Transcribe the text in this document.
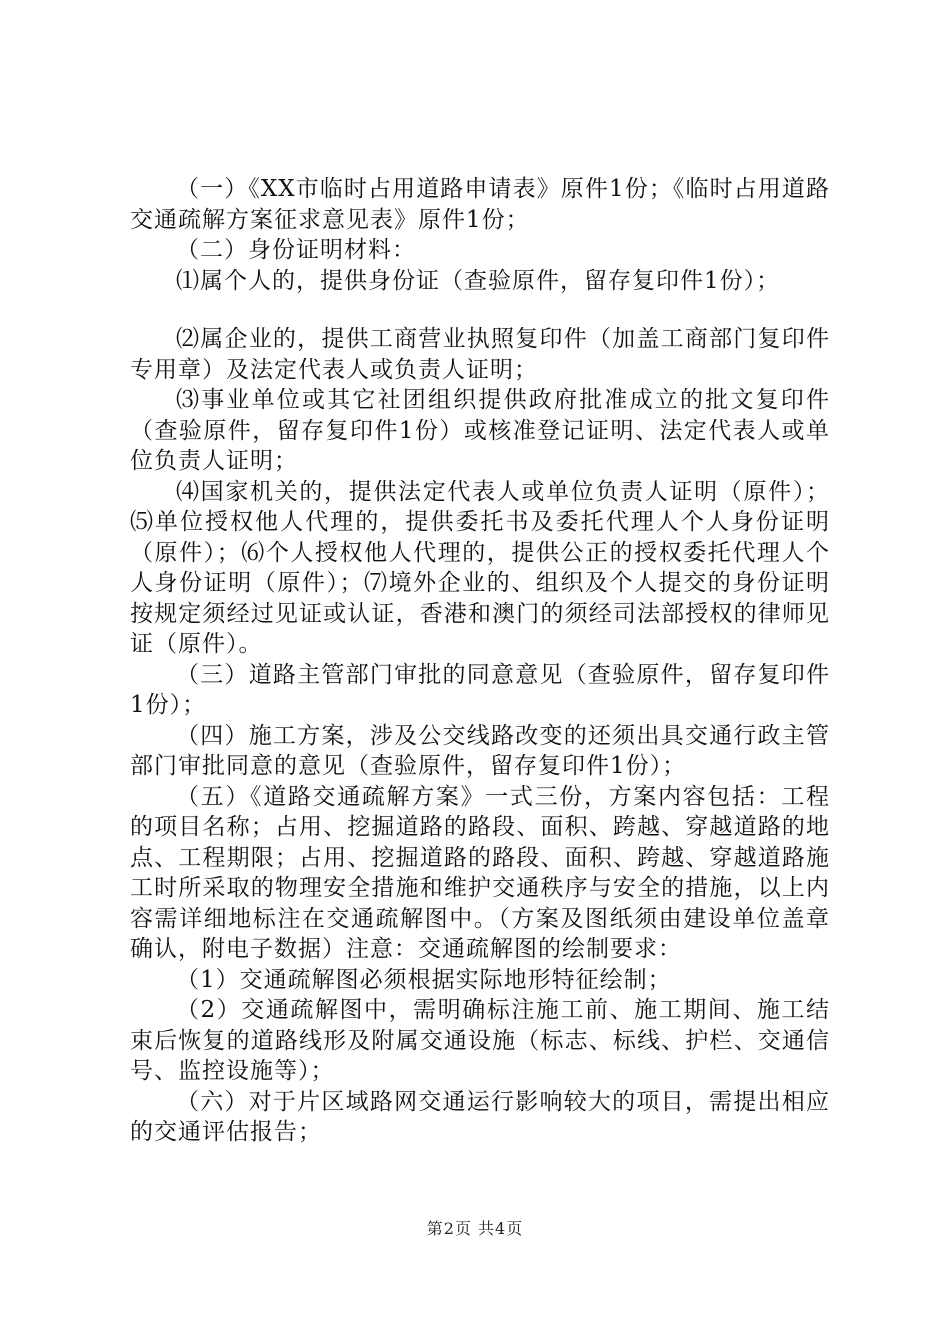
（一）《XX市临时占用道路申请表》原件1份；《临时占用道路交通疏解方案征求意见表》原件1份；

（二）身份证明材料：

⑴属个人的，提供身份证（查验原件，留存复印件1份）；

⑵属企业的，提供工商营业执照复印件（加盖工商部门复印件专用章）及法定代表人或负责人证明；

⑶事业单位或其它社团组织提供政府批准成立的批文复印件（查验原件，留存复印件1份）或核准登记证明、法定代表人或单位负责人证明；

⑷国家机关的，提供法定代表人或单位负责人证明（原件）；⑸单位授权他人代理的，提供委托书及委托代理人个人身份证明（原件）；⑹个人授权他人代理的，提供公正的授权委托代理人个人身份证明（原件）；⑺境外企业的、组织及个人提交的身份证明按规定须经过见证或认证，香港和澳门的须经司法部授权的律师见证（原件）。

（三）道路主管部门审批的同意意见（查验原件，留存复印件1份）；

（四）施工方案，涉及公交线路改变的还须出具交通行政主管部门审批同意的意见（查验原件，留存复印件1份）；

（五）《道路交通疏解方案》一式三份，方案内容包括：工程的项目名称；占用、挖掘道路的路段、面积、跨越、穿越道路的地点、工程期限；占用、挖掘道路的路段、面积、跨越、穿越道路施工时所采取的物理安全措施和维护交通秩序与安全的措施，以上内容需详细地标注在交通疏解图中。（方案及图纸须由建设单位盖章确认，附电子数据）注意：交通疏解图的绘制要求：

（1）交通疏解图必须根据实际地形特征绘制；

（2）交通疏解图中，需明确标注施工前、施工期间、施工结束后恢复的道路线形及附属交通设施（标志、标线、护栏、交通信号、监控设施等）；

（六）对于片区域路网交通运行影响较大的项目，需提出相应的交通评估报告；

第2页 共4页
